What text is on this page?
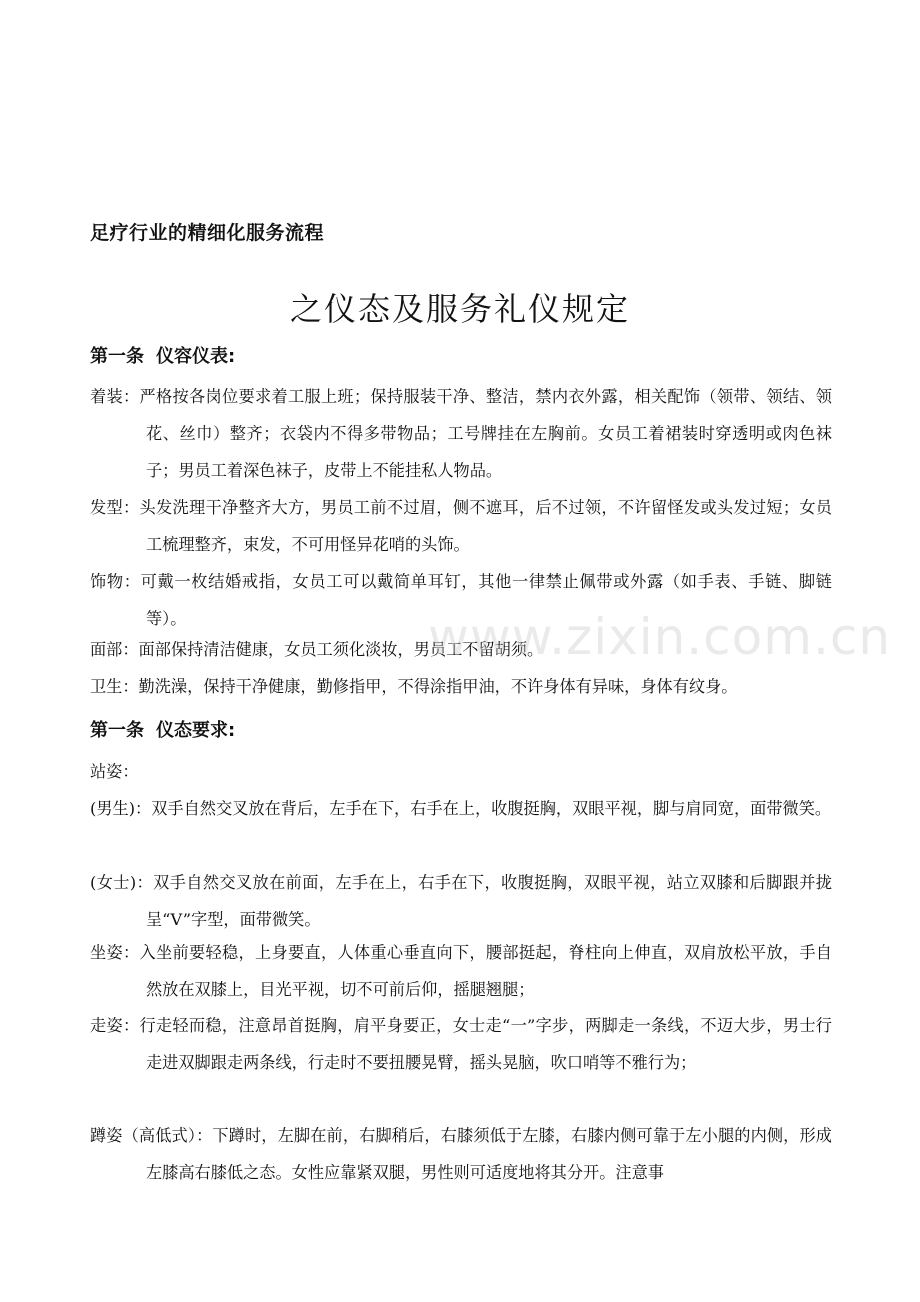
足疗行业的精细化服务流程
之仪态及服务礼仪规定
第一条 仪容仪表:
着装：严格按各岗位要求着工服上班；保持服装干净、整洁，禁内衣外露，相关配饰（领带、领结、领花、丝巾）整齐；衣袋内不得多带物品；工号牌挂在左胸前。女员工着裙装时穿透明或肉色袜子；男员工着深色袜子，皮带上不能挂私人物品。
发型：头发洗理干净整齐大方，男员工前不过眉，侧不遮耳，后不过领，不许留怪发或头发过短；女员工梳理整齐，束发，不可用怪异花哨的头饰。
饰物：可戴一枚结婚戒指，女员工可以戴简单耳钉，其他一律禁止佩带或外露（如手表、手链、脚链等）。
面部：面部保持清洁健康，女员工须化淡妆，男员工不留胡须。
卫生：勤洗澡，保持干净健康，勤修指甲，不得涂指甲油，不许身体有异味，身体有纹身。
第一条 仪态要求:
站姿：
(男生)：双手自然交叉放在背后，左手在下，右手在上，收腹挺胸，双眼平视，脚与肩同宽，面带微笑。
(女士)：双手自然交叉放在前面，左手在上，右手在下，收腹挺胸，双眼平视，站立双膝和后脚跟并拢呈“V”字型，面带微笑。
坐姿：入坐前要轻稳，上身要直，人体重心垂直向下，腰部挺起，脊柱向上伸直，双肩放松平放，手自然放在双膝上，目光平视，切不可前后仰，摇腿翘腿；
走姿：行走轻而稳，注意昂首挺胸，肩平身要正，女士走“一”字步，两脚走一条线，不迈大步，男士行走进双脚跟走两条线，行走时不要扭腰晃臂，摇头晃脑，吹口哨等不雅行为；
蹲姿（高低式）：下蹲时，左脚在前，右脚稍后，右膝须低于左膝，右膝内侧可靠于左小腿的内侧，形成左膝高右膝低之态。女性应靠紧双腿，男性则可适度地将其分开。注意事
www.zixin.com.cn
